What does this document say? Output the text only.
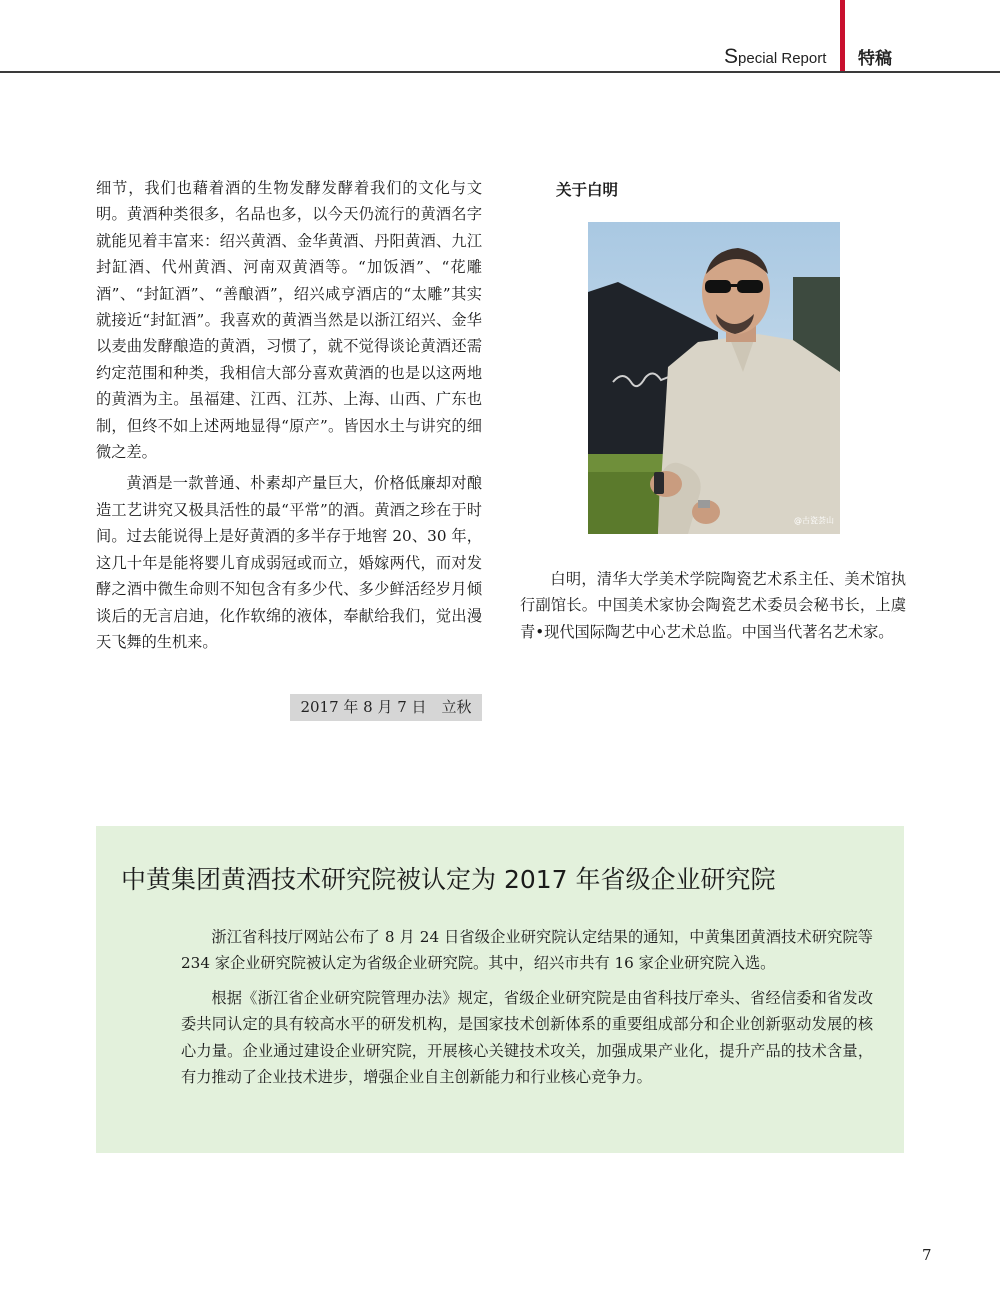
Special Report 特稿

细节，我们也藉着酒的生物发酵发酵着我们的文化与文明。黄酒种类很多，名品也多，以今天仍流行的黄酒名字就能见着丰富来：绍兴黄酒、金华黄酒、丹阳黄酒、九江封缸酒、代州黄酒、河南双黄酒等。“加饭酒”、“花雕酒”、“封缸酒”、“善酿酒”，绍兴咸亨酒店的“太雕”其实就接近“封缸酒”。我喜欢的黄酒当然是以浙江绍兴、金华以麦曲发酵酿造的黄酒，习惯了，就不觉得谈论黄酒还需约定范围和种类，我相信大部分喜欢黄酒的也是以这两地的黄酒为主。虽福建、江西、江苏、上海、山西、广东也制，但终不如上述两地显得“原产”。皆因水土与讲究的细微之差。

黄酒是一款普通、朴素却产量巨大，价格低廉却对酿造工艺讲究又极具活性的最“平常”的酒。黄酒之珍在于时间。过去能说得上是好黄酒的多半存于地窖 20、30 年，这几十年是能将婴儿育成弱冠或而立，婚嫁两代，而对发酵之酒中微生命则不知包含有多少代、多少鲜活经岁月倾谈后的无言启迪，化作软绵的液体，奉献给我们，觉出漫天飞舞的生机来。

2017 年 8 月 7 日　立秋
关于白明
@古瓷荟山

白明，清华大学美术学院陶瓷艺术系主任、美术馆执行副馆长。中国美术家协会陶瓷艺术委员会秘书长，上虞青•现代国际陶艺中心艺术总监。中国当代著名艺术家。

中黄集团黄酒技术研究院被认定为 2017 年省级企业研究院

浙江省科技厅网站公布了 8 月 24 日省级企业研究院认定结果的通知，中黄集团黄酒技术研究院等 234 家企业研究院被认定为省级企业研究院。其中，绍兴市共有 16 家企业研究院入选。

根据《浙江省企业研究院管理办法》规定，省级企业研究院是由省科技厅牵头、省经信委和省发改委共同认定的具有较高水平的研发机构，是国家技术创新体系的重要组成部分和企业创新驱动发展的核心力量。企业通过建设企业研究院，开展核心关键技术攻关，加强成果产业化，提升产品的技术含量，有力推动了企业技术进步，增强企业自主创新能力和行业核心竞争力。

7
